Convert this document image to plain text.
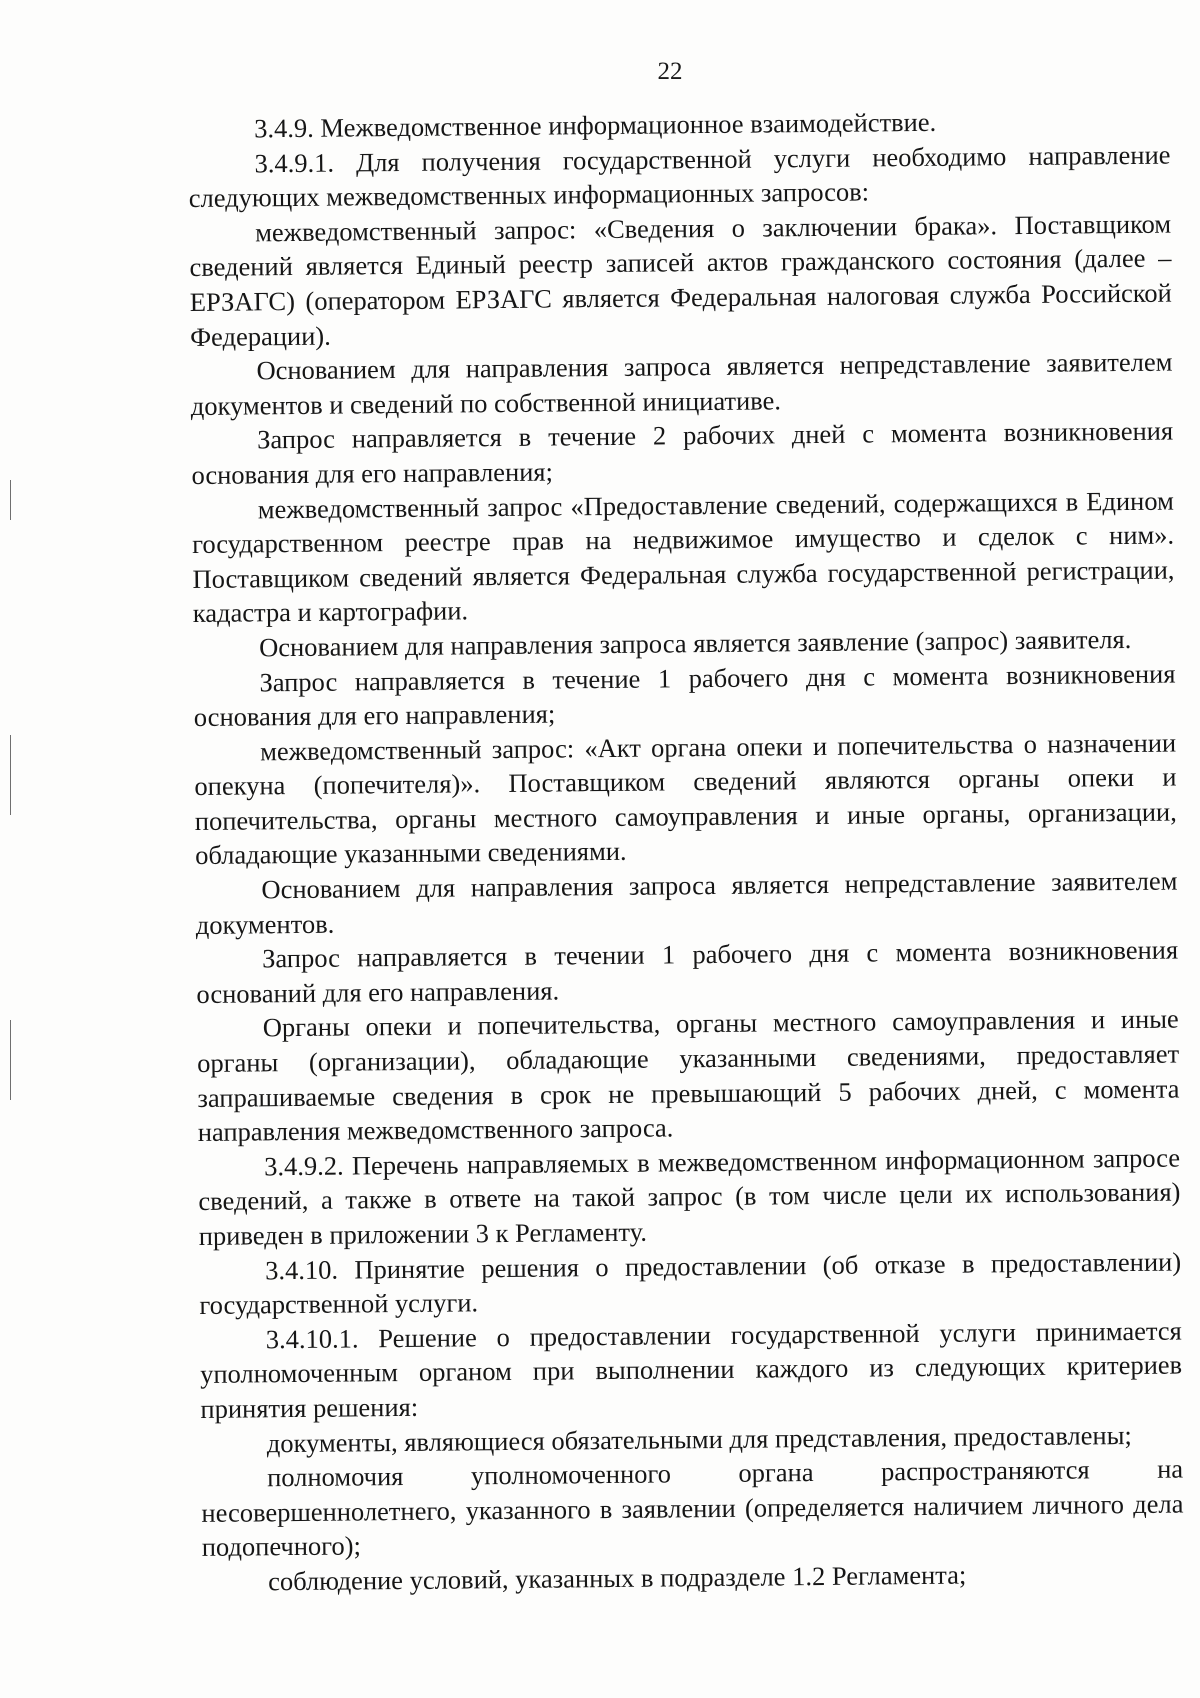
22

3.4.9. Межведомственное информационное взаимодействие.

3.4.9.1. Для получения государственной услуги необходимо направление следующих межведомственных информационных запросов:

межведомственный запрос: «Сведения о заключении брака». Поставщиком сведений является Единый реестр записей актов гражданского состояния (далее – ЕРЗАГС) (оператором ЕРЗАГС является Федеральная налоговая служба Российской Федерации).

Основанием для направления запроса является непредставление заявителем документов и сведений по собственной инициативе.

Запрос направляется в течение 2 рабочих дней с момента возникновения основания для его направления;

межведомственный запрос «Предоставление сведений, содержащихся в Едином государственном реестре прав на недвижимое имущество и сделок с ним». Поставщиком сведений является Федеральная служба государственной регистрации, кадастра и картографии.

Основанием для направления запроса является заявление (запрос) заявителя.

Запрос направляется в течение 1 рабочего дня с момента возникновения основания для его направления;

межведомственный запрос: «Акт органа опеки и попечительства о назначении опекуна (попечителя)». Поставщиком сведений являются органы опеки и попечительства, органы местного самоуправления и иные органы, организации, обладающие указанными сведениями.

Основанием для направления запроса является непредставление заявителем документов.

Запрос направляется в течении 1 рабочего дня с момента возникновения оснований для его направления.

Органы опеки и попечительства, органы местного самоуправления и иные органы (организации), обладающие указанными сведениями, предоставляет запрашиваемые сведения в срок не превышающий 5 рабочих дней, с момента направления межведомственного запроса.

3.4.9.2. Перечень направляемых в межведомственном информационном запросе сведений, а также в ответе на такой запрос (в том числе цели их использования) приведен в приложении 3 к Регламенту.

3.4.10. Принятие решения о предоставлении (об отказе в предоставлении) государственной услуги.

3.4.10.1. Решение о предоставлении государственной услуги принимается уполномоченным органом при выполнении каждого из следующих критериев принятия решения:

документы, являющиеся обязательными для представления, предоставлены;

полномочия уполномоченного органа распространяются на несовершеннолетнего, указанного в заявлении (определяется наличием личного дела подопечного);

соблюдение условий, указанных в подразделе 1.2 Регламента;
